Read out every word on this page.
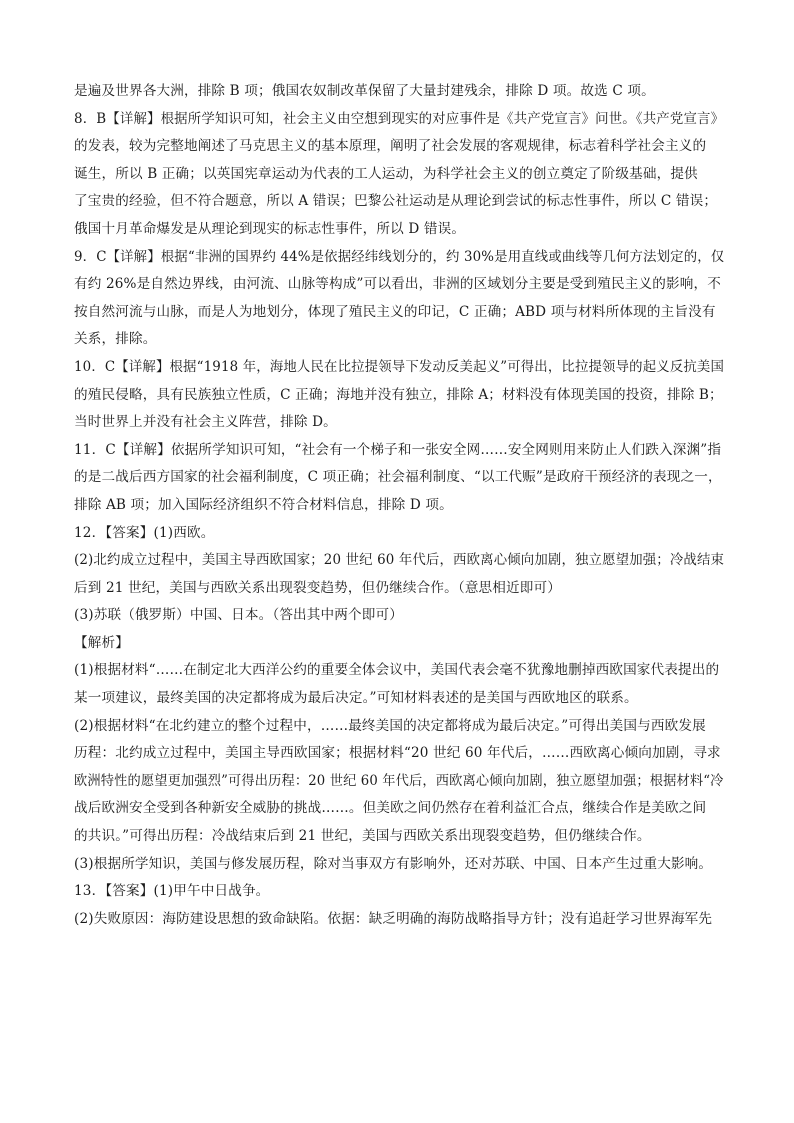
是遍及世界各大洲，排除 B 项；俄国农奴制改革保留了大量封建残余，排除 D 项。故选 C 项。
8．B【详解】根据所学知识可知，社会主义由空想到现实的对应事件是《共产党宣言》问世。《共产党宣言》
的发表，较为完整地阐述了马克思主义的基本原理，阐明了社会发展的客观规律，标志着科学社会主义的
诞生，所以 B 正确；以英国宪章运动为代表的工人运动，为科学社会主义的创立奠定了阶级基础，提供
了宝贵的经验，但不符合题意，所以 A 错误；巴黎公社运动是从理论到尝试的标志性事件，所以 C 错误；
俄国十月革命爆发是从理论到现实的标志性事件，所以 D 错误。
9．C【详解】根据“非洲的国界约 44%是依据经纬线划分的，约 30%是用直线或曲线等几何方法划定的，仅
有约 26%是自然边界线，由河流、山脉等构成”可以看出，非洲的区域划分主要是受到殖民主义的影响，不
按自然河流与山脉，而是人为地划分，体现了殖民主义的印记，C 正确；ABD 项与材料所体现的主旨没有
关系，排除。
10．C【详解】根据“1918 年，海地人民在比拉提领导下发动反美起义”可得出，比拉提领导的起义反抗美国
的殖民侵略，具有民族独立性质，C 正确；海地并没有独立，排除 A；材料没有体现美国的投资，排除 B；
当时世界上并没有社会主义阵营，排除 D。
11．C【详解】依据所学知识可知，“社会有一个梯子和一张安全网……安全网则用来防止人们跌入深渊”指
的是二战后西方国家的社会福利制度，C 项正确；社会福利制度、“以工代赈”是政府干预经济的表现之一，
排除 AB 项；加入国际经济组织不符合材料信息，排除 D 项。
12．【答案】(1)西欧。
(2)北约成立过程中，美国主导西欧国家；20 世纪 60 年代后，西欧离心倾向加剧，独立愿望加强；冷战结束
后到 21 世纪，美国与西欧关系出现裂变趋势，但仍继续合作。（意思相近即可）
(3)苏联（俄罗斯）中国、日本。（答出其中两个即可）
【解析】
(1)根据材料“……在制定北大西洋公约的重要全体会议中，美国代表会毫不犹豫地删掉西欧国家代表提出的
某一项建议，最终美国的决定都将成为最后决定。”可知材料表述的是美国与西欧地区的联系。
(2)根据材料“在北约建立的整个过程中，……最终美国的决定都将成为最后决定。”可得出美国与西欧发展
历程：北约成立过程中，美国主导西欧国家；根据材料“20 世纪 60 年代后，……西欧离心倾向加剧，寻求
欧洲特性的愿望更加强烈”可得出历程：20 世纪 60 年代后，西欧离心倾向加剧，独立愿望加强；根据材料“冷
战后欧洲安全受到各种新安全威胁的挑战……。但美欧之间仍然存在着利益汇合点，继续合作是美欧之间
的共识。”可得出历程：冷战结束后到 21 世纪，美国与西欧关系出现裂变趋势，但仍继续合作。
(3)根据所学知识，美国与修发展历程，除对当事双方有影响外，还对苏联、中国、日本产生过重大影响。
13．【答案】(1)甲午中日战争。
(2)失败原因：海防建设思想的致命缺陷。依据：缺乏明确的海防战略指导方针；没有追赶学习世界海军先
